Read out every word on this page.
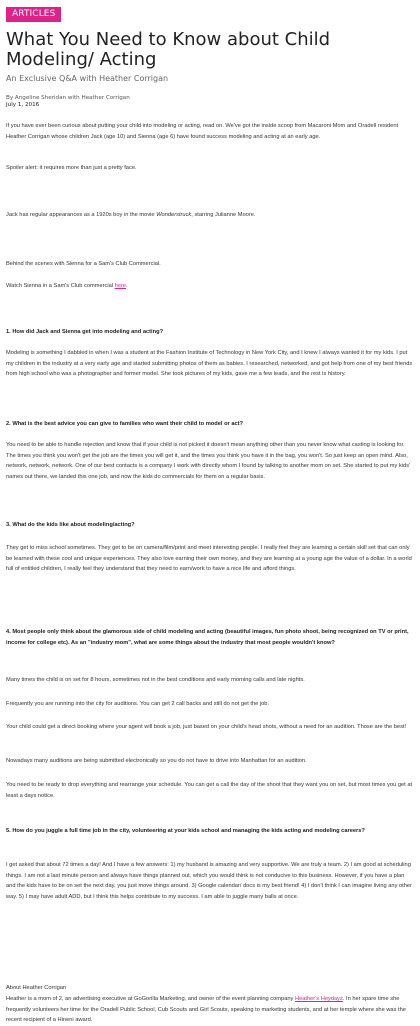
ARTICLES
What You Need to Know about Child Modeling/ Acting
An Exclusive Q&A with Heather Corrigan
By Angeline Sheridan with Heather Corrigan
July 1, 2016

If you have ever been curious about putting your child into modeling or acting, read on. We've got the inside scoop from Macaroni Mom and Oradell resident Heather Corrigan whose children Jack (age 10) and Sienna (age 6) have found success modeling and acting at an early age.

Spoiler alert: it requires more than just a pretty face.

Jack has regular appearances as a 1920s boy in the movie Wonderstruck, starring Julianne Moore.

Behind the scenes with Sienna for a Sam's Club Commercial.

Watch Sienna in a Sam's Club commercial here.

1. How did Jack and Sienna get into modeling and acting?

Modeling is something I dabbled in when I was a student at the Fashion Institute of Technology in New York City, and I knew I always wanted it for my kids. I put my children in the industry at a very early age and started submitting photos of them as babies. I researched, networked, and got help from one of my best friends from high school who was a photographer and former model. She took pictures of my kids, gave me a few leads, and the rest is history.

2. What is the best advice you can give to families who want their child to model or act?

You need to be able to handle rejection and know that if your child is not picked it doesn't mean anything other than you never know what casting is looking for. The times you think you won't get the job are the times you will get it, and the times you think you have it in the bag, you won't. So just keep an open mind. Also, network, network, network. One of our best contacts is a company I work with directly whom I found by talking to another mom on set. She started to put my kids' names out there, we landed this one job, and now the kids do commercials for them on a regular basis.

3. What do the kids like about modeling/acting?

They get to miss school sometimes. They get to be on camera/film/print and meet interesting people. I really feel they are learning a certain skill set that can only be learned with these cool and unique experiences. They also love earning their own money, and they are learning at a young age the value of a dollar. In a world full of entitled children, I really feel they understand that they need to earn/work to have a nice life and afford things.

4. Most people only think about the glamorous side of child modeling and acting (beautiful images, fun photo shoot, being recognized on TV or print, income for college etc). As an "industry mom", what are some things about the industry that most people wouldn't know?

Many times the child is on set for 8 hours, sometimes not in the best conditions and early morning calls and late nights.

Frequently you are running into the city for auditions. You can get 2 call backs and still do not get the job.

Your child could get a direct booking where your agent will book a job, just based on your child's head shots, without a need for an audition. Those are the best!

Nowadays many auditions are being submitted electronically so you do not have to drive into Manhattan for an audition.

You need to be ready to drop everything and rearrange your schedule. You can get a call the day of the shoot that they want you on set, but most times you get at least a days notice.

5. How do you juggle a full time job in the city, volunteering at your kids school and managing the kids acting and modeling careers?

I get asked that about 72 times a day! And I have a few answers: 1) my husband is amazing and very supportive. We are truly a team. 2) I am good at scheduling things. I am not a last minute person and always have things planned out, which you would think is not conducive to this business. However, if you have a plan and the kids have to be on set the next day, you just move things around. 3) Google calendar/ docs is my best friend! 4) I don't think I can imagine living any other way. 5) I may have adult ADD, but I think this helps contribute to my success. I am able to juggle many balls at once.

About Heather Corrigan

Heather is a mom of 2, an advertising executive at GoGorilla Marketing, and owner of the event planning company Heather's Heydayz. In her spare time she frequently volunteers her time for the Oradell Public School, Cub Scouts and Girl Scouts, speaking to marketing students, and at her temple where she was the recent recipient of a Hineni award.
